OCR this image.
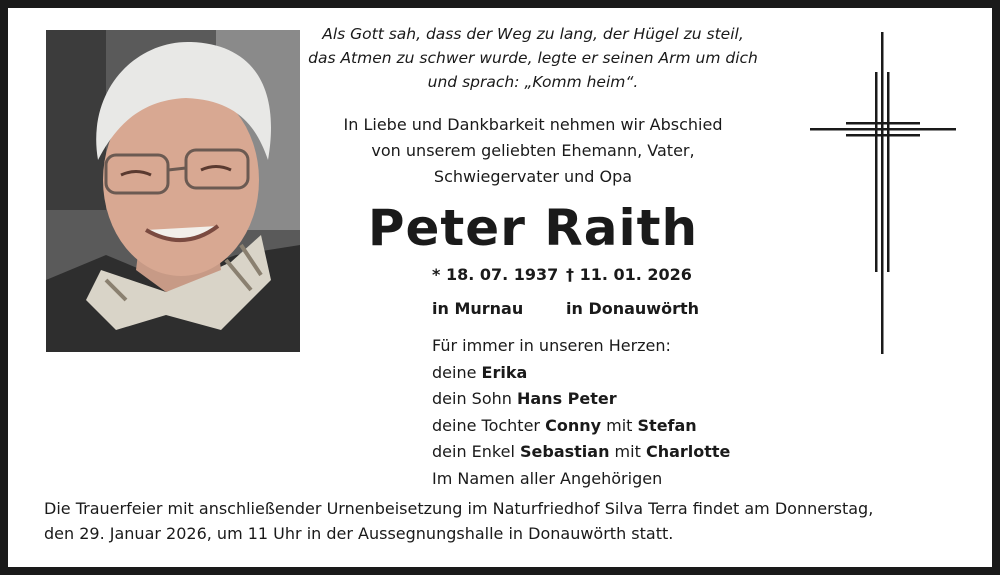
Als Gott sah, dass der Weg zu lang, der Hügel zu steil,
das Atmen zu schwer wurde, legte er seinen Arm um dich
und sprach: „Komm heim“.
In Liebe und Dankbarkeit nehmen wir Abschied
von unserem geliebten Ehemann, Vater,
Schwiegervater und Opa
Peter Raith
* 18. 07. 1937
in Murnau
† 11. 01. 2026
in Donauwörth
Für immer in unseren Herzen:
deine Erika
dein Sohn Hans Peter
deine Tochter Conny mit Stefan
dein Enkel Sebastian mit Charlotte
Im Namen aller Angehörigen
Die Trauerfeier mit anschließender Urnenbeisetzung im Naturfriedhof Silva Terra findet am Donnerstag,
den 29. Januar 2026, um 11 Uhr in der Aussegnungshalle in Donauwörth statt.
